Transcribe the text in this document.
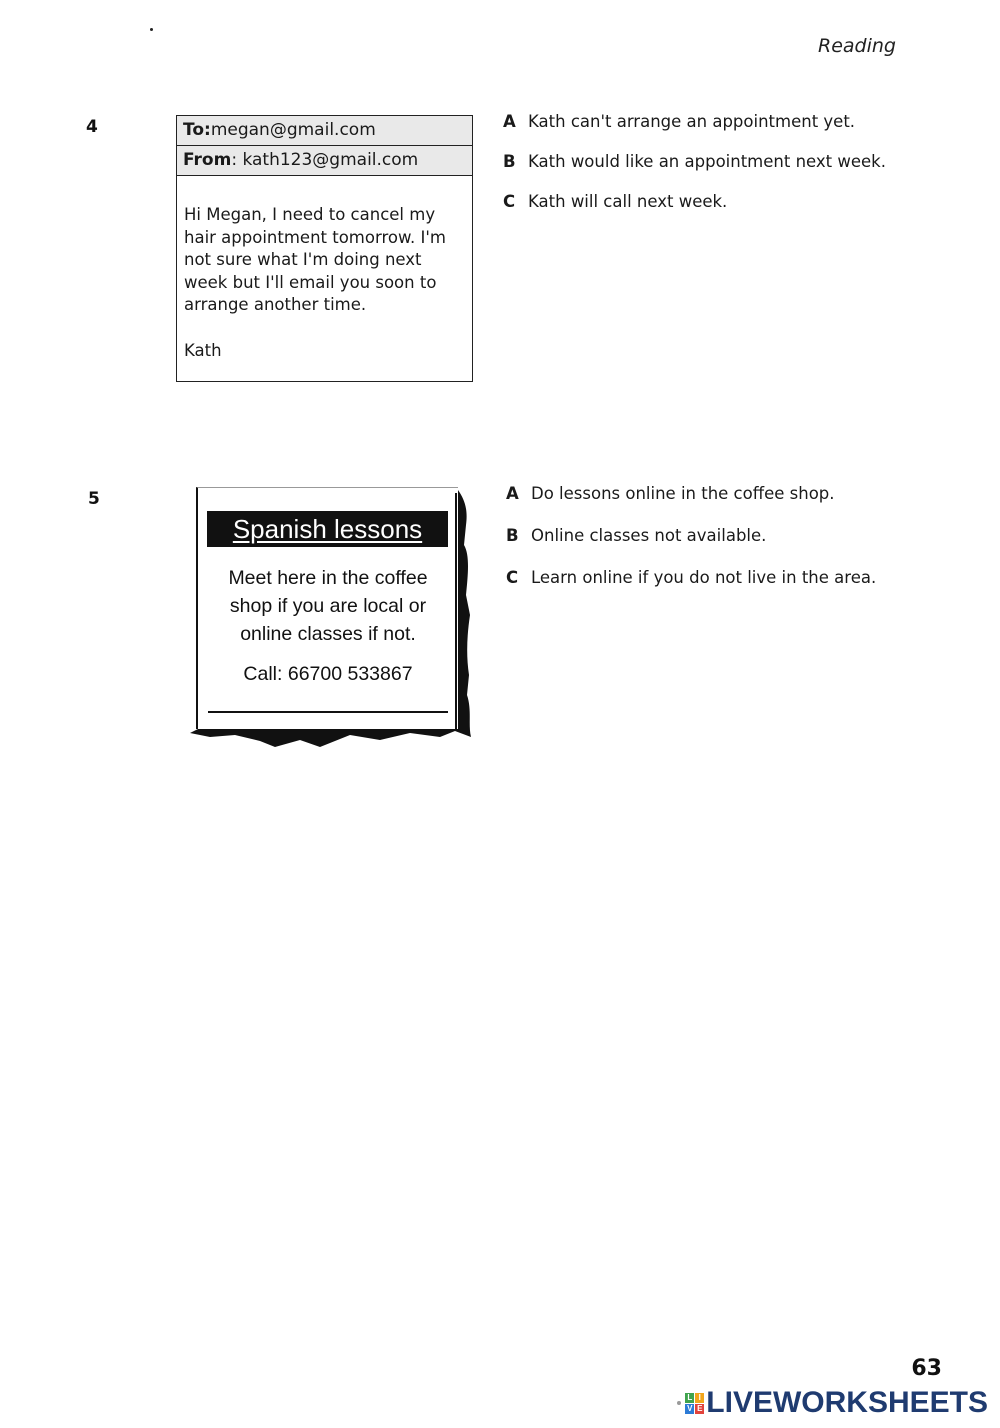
Reading
4	To:megan@gmail.com
From: kath123@gmail.com
Hi Megan, I need to cancel my hair appointment tomorrow. I'm not sure what I'm doing next week but I'll email you soon to arrange another time.
Kath
A Kath can't arrange an appointment yet.
B Kath would like an appointment next week.
C Kath will call next week.
5
Spanish lessons
Meet here in the coffee
shop if you are local or
online classes if not.
Call: 66700 533867
A Do lessons online in the coffee shop.
B Online classes not available.
C Learn online if you do not live in the area.
63
L I
V E LIVEWORKSHEETS
